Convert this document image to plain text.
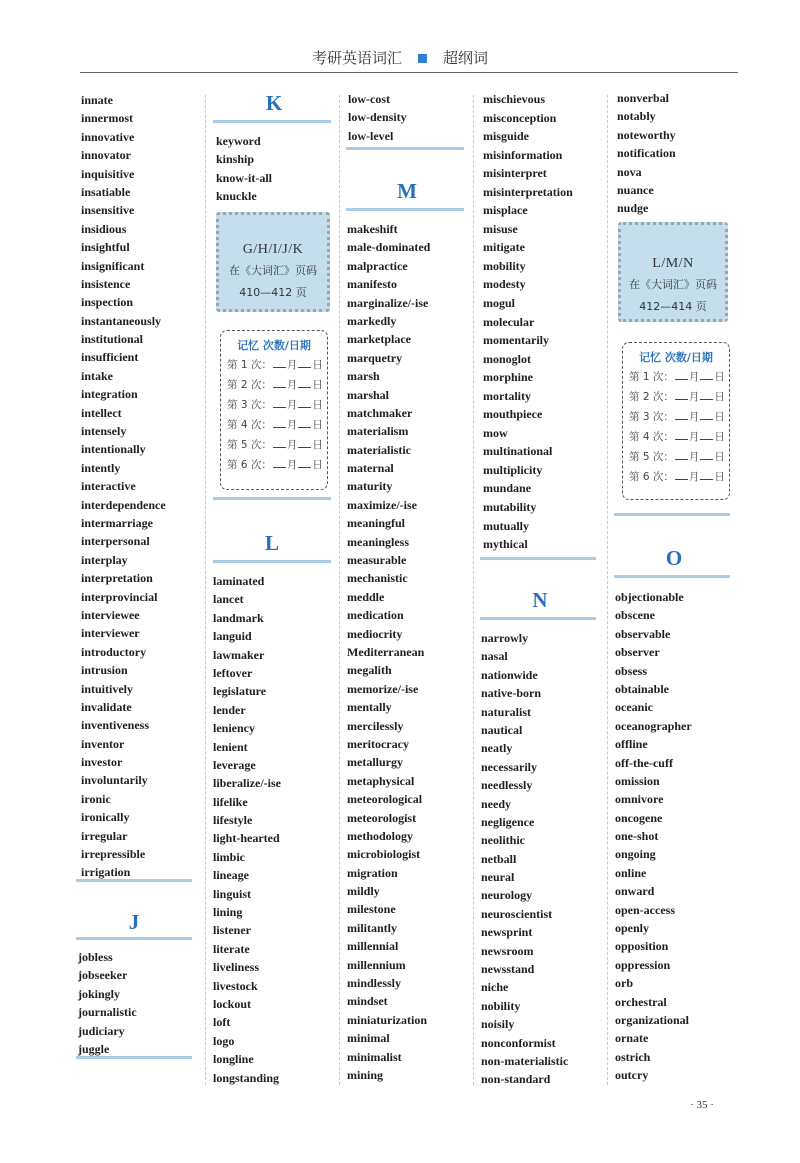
考研英语词汇	超纲词
innate
innermost
innovative
innovator
inquisitive
insatiable
insensitive
insidious
insightful
insignificant
insistence
inspection
instantaneously
institutional
insufficient
intake
integration
intellect
intensely
intentionally
intently
interactive
interdependence
intermarriage
interpersonal
interplay
interpretation
interprovincial
interviewee
interviewer
introductory
intrusion
intuitively
invalidate
inventiveness
inventor
investor
involuntarily
ironic
ironically
irregular
irrepressible
irrigation
J
jobless
jobseeker
jokingly
journalistic
judiciary
juggle
K
keyword
kinship
know-it-all
knuckle
G/H/I/J/K
在《大词汇》页码
410—412 页
记忆 次数/日期
第 1 次： 月 日
第 2 次： 月 日
第 3 次： 月 日
第 4 次： 月 日
第 5 次： 月 日
第 6 次： 月 日
L
laminated
lancet
landmark
languid
lawmaker
leftover
legislature
lender
leniency
lenient
leverage
liberalize/-ise
lifelike
lifestyle
light-hearted
limbic
lineage
linguist
lining
listener
literate
liveliness
livestock
lockout
loft
logo
longline
longstanding
low-cost
low-density
low-level
M
makeshift
male-dominated
malpractice
manifesto
marginalize/-ise
markedly
marketplace
marquetry
marsh
marshal
matchmaker
materialism
materialistic
maternal
maturity
maximize/-ise
meaningful
meaningless
measurable
mechanistic
meddle
medication
mediocrity
Mediterranean
megalith
memorize/-ise
mentally
mercilessly
meritocracy
metallurgy
metaphysical
meteorological
meteorologist
methodology
microbiologist
migration
mildly
milestone
militantly
millennial
millennium
mindlessly
mindset
miniaturization
minimal
minimalist
mining
mischievous
misconception
misguide
misinformation
misinterpret
misinterpretation
misplace
misuse
mitigate
mobility
modesty
mogul
molecular
momentarily
monoglot
morphine
mortality
mouthpiece
mow
multinational
multiplicity
mundane
mutability
mutually
mythical
N
narrowly
nasal
nationwide
native-born
naturalist
nautical
neatly
necessarily
needlessly
needy
negligence
neolithic
netball
neural
neurology
neuroscientist
newsprint
newsroom
newsstand
niche
nobility
noisily
nonconformist
non-materialistic
non-standard
nonverbal
notably
noteworthy
notification
nova
nuance
nudge
L/M/N
在《大词汇》页码
412—414 页
记忆 次数/日期
第 1 次： 月 日
第 2 次： 月 日
第 3 次： 月 日
第 4 次： 月 日
第 5 次： 月 日
第 6 次： 月 日
O
objectionable
obscene
observable
observer
obsess
obtainable
oceanic
oceanographer
offline
off-the-cuff
omission
omnivore
oncogene
one-shot
ongoing
online
onward
open-access
openly
opposition
oppression
orb
orchestral
organizational
ornate
ostrich
outcry
· 35 ·
